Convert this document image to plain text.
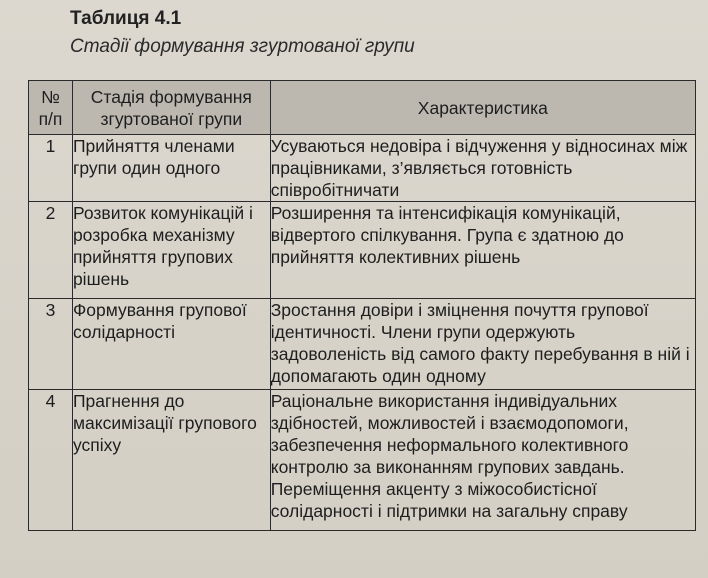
Таблиця 4.1
Стадії формування згуртованої групи
№ п/п	Стадія формування згуртованої групи	Характеристика
1	Прийняття членами групи один одного	Усуваються недовіра і відчуження у відносинах між працівниками, з’являється готовність співробітничати
2	Розвиток комунікацій і розробка механізму прийняття групових рішень	Розширення та інтенсифікація комунікацій, відвертого спілкування. Група є здатною до прийняття колективних рішень
3	Формування групової солідарності	Зростання довіри і зміцнення почуття групової ідентичності. Члени групи одержують задоволеність від самого факту перебування в ній і допомагають один одному
4	Прагнення до максимізації групового успіху	Раціональне використання індивідуальних здібностей, можливостей і взаємодопомоги, забезпечення неформального колективного контролю за виконанням групових завдань. Переміщення акценту з міжособистісної солідарності і підтримки на загальну справу
